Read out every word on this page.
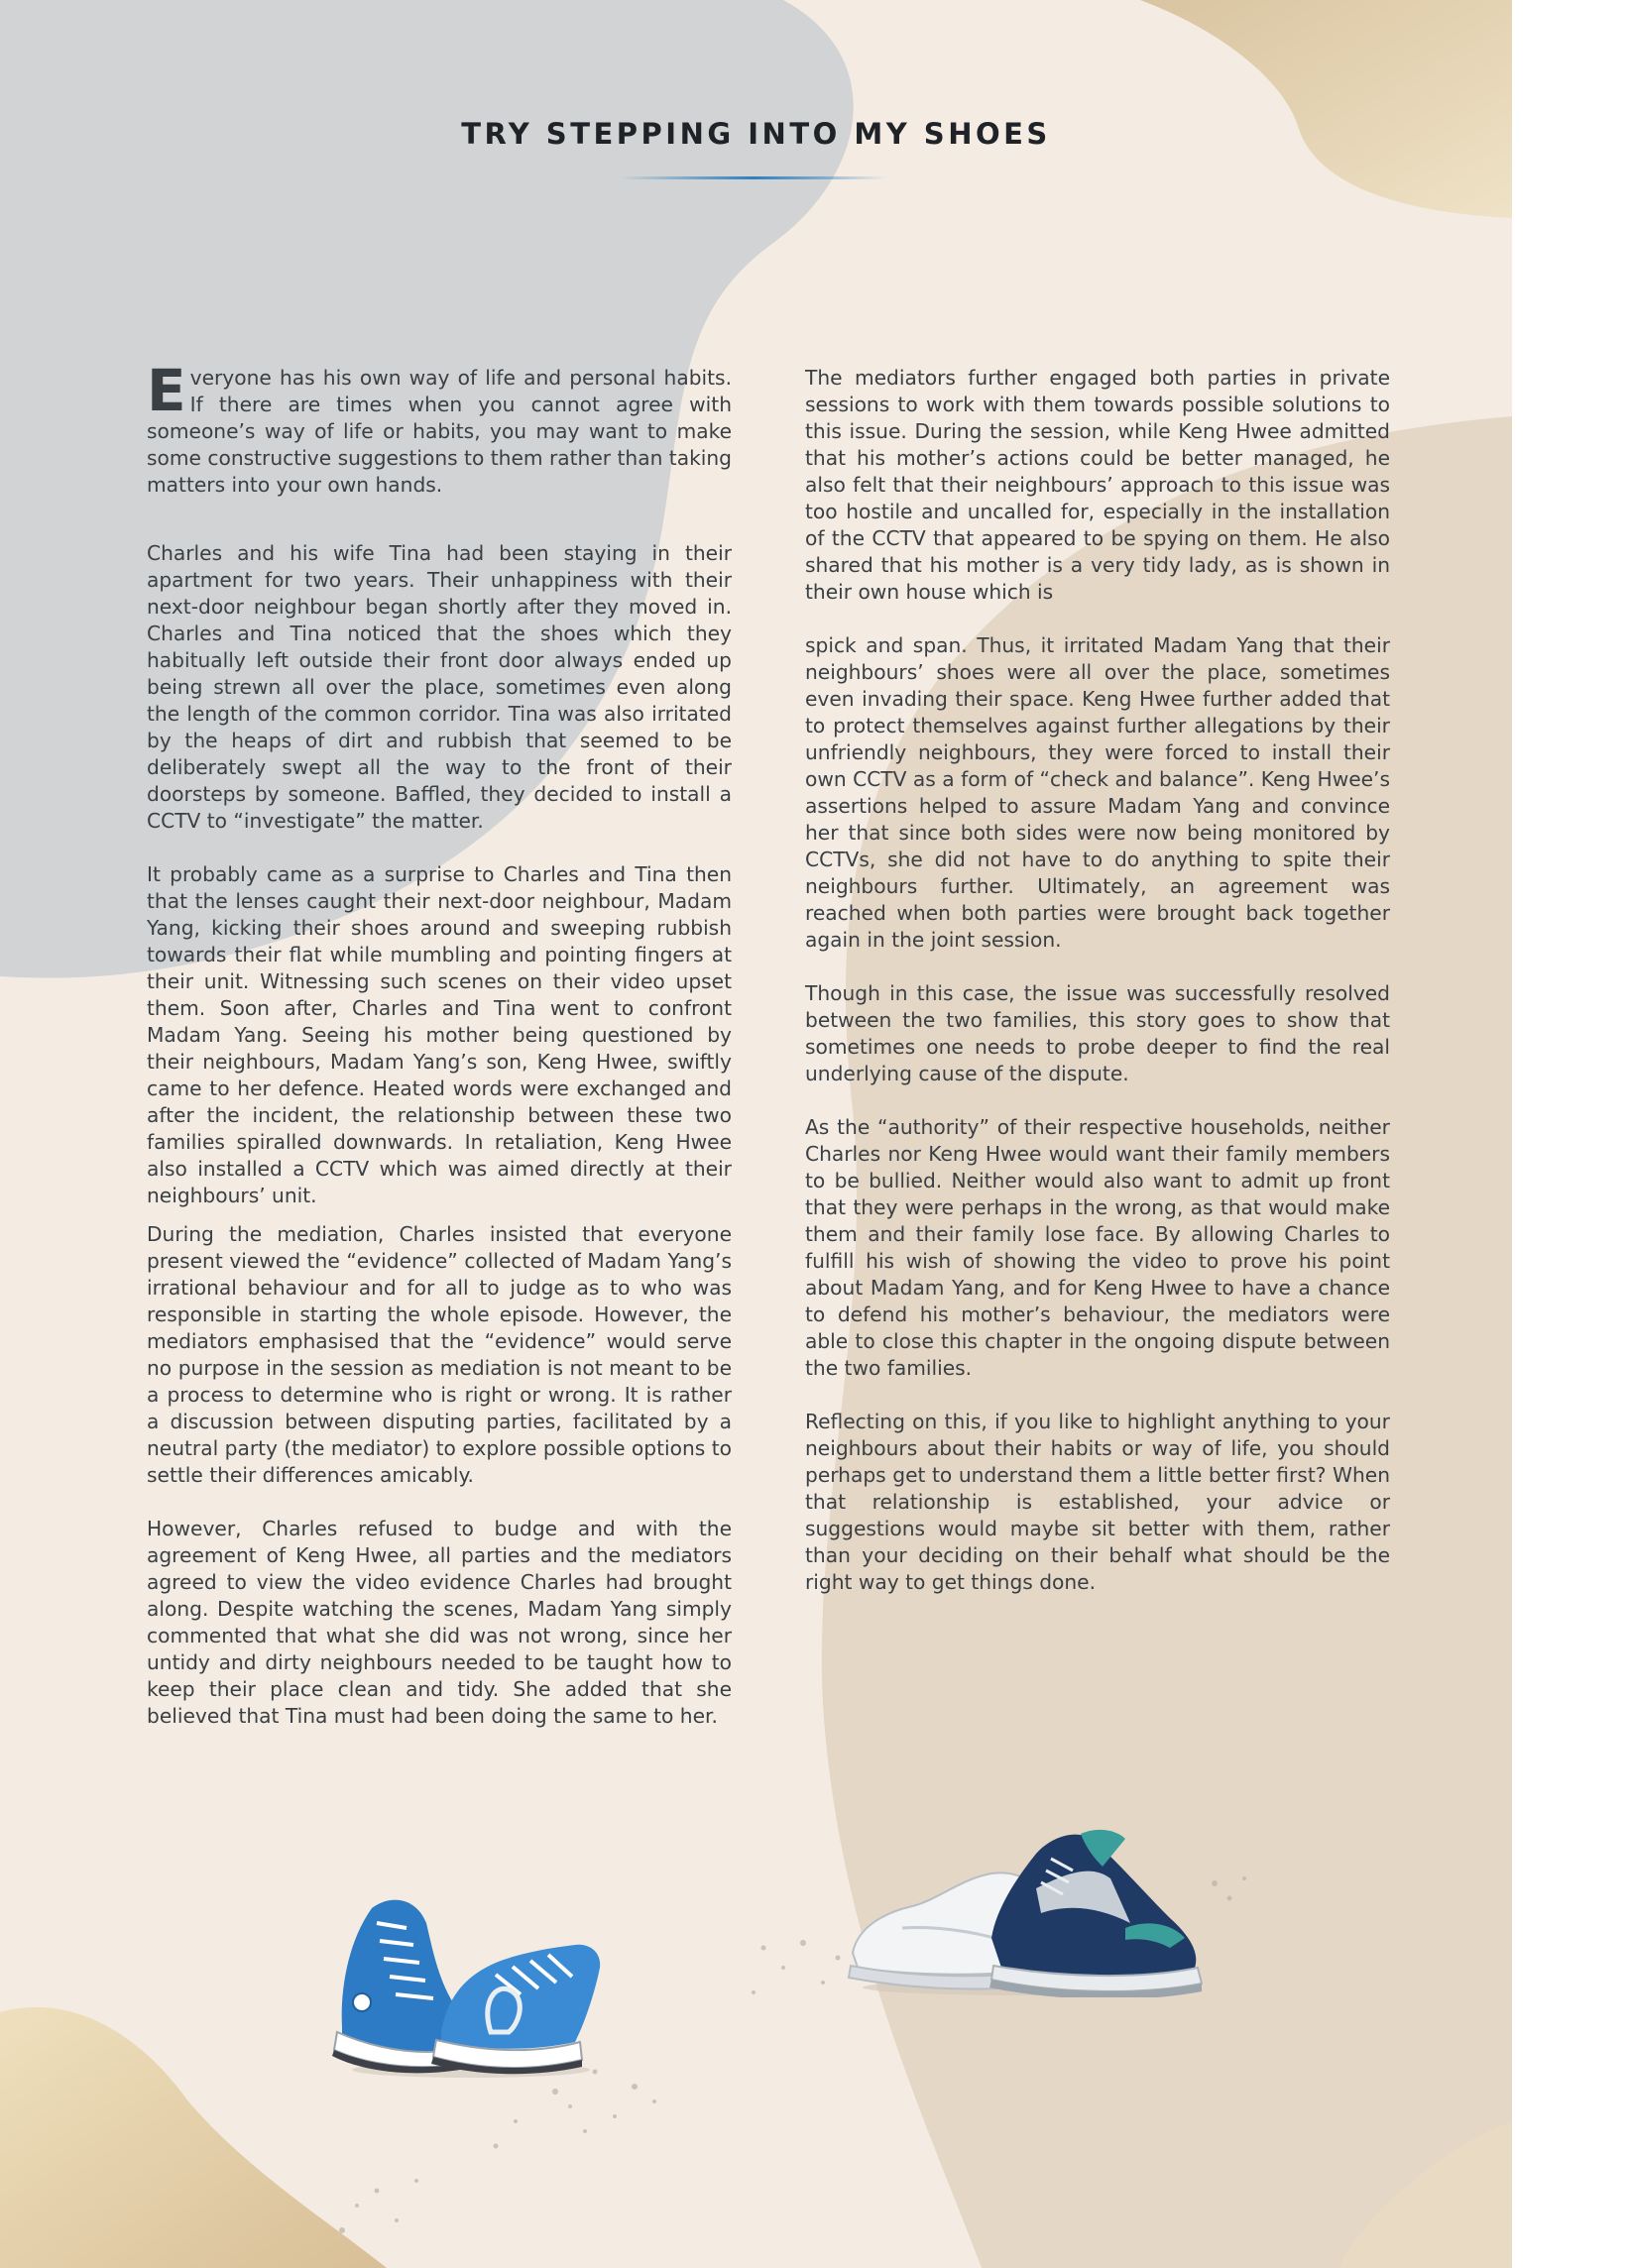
TRY STEPPING INTO MY SHOES

Everyone has his own way of life and personal habits. If there are times when you cannot agree with someone’s way of life or habits, you may want to make some constructive suggestions to them rather than taking matters into your own hands.

Charles and his wife Tina had been staying in their apartment for two years. Their unhappiness with their next-door neighbour began shortly after they moved in. Charles and Tina noticed that the shoes which they habitually left outside their front door always ended up being strewn all over the place, sometimes even along the length of the common corridor. Tina was also irritated by the heaps of dirt and rubbish that seemed to be deliberately swept all the way to the front of their doorsteps by someone. Baffled, they decided to install a CCTV to “investigate” the matter.

It probably came as a surprise to Charles and Tina then that the lenses caught their next-door neighbour, Madam Yang, kicking their shoes around and sweeping rubbish towards their flat while mumbling and pointing fingers at their unit. Witnessing such scenes on their video upset them. Soon after, Charles and Tina went to confront Madam Yang. Seeing his mother being questioned by their neighbours, Madam Yang’s son, Keng Hwee, swiftly came to her defence. Heated words were exchanged and after the incident, the relationship between these two families spiralled downwards. In retaliation, Keng Hwee also installed a CCTV which was aimed directly at their neighbours’ unit.

During the mediation, Charles insisted that everyone present viewed the “evidence” collected of Madam Yang’s irrational behaviour and for all to judge as to who was responsible in starting the whole episode. However, the mediators emphasised that the “evidence” would serve no purpose in the session as mediation is not meant to be a process to determine who is right or wrong. It is rather a discussion between disputing parties, facilitated by a neutral party (the mediator) to explore possible options to settle their differences amicably.

However, Charles refused to budge and with the agreement of Keng Hwee, all parties and the mediators agreed to view the video evidence Charles had brought along. Despite watching the scenes, Madam Yang simply commented that what she did was not wrong, since her untidy and dirty neighbours needed to be taught how to keep their place clean and tidy. She added that she believed that Tina must had been doing the same to her.

The mediators further engaged both parties in private sessions to work with them towards possible solutions to this issue. During the session, while Keng Hwee admitted that his mother’s actions could be better managed, he also felt that their neighbours’ approach to this issue was too hostile and uncalled for, especially in the installation of the CCTV that appeared to be spying on them. He also shared that his mother is a very tidy lady, as is shown in their own house which is

spick and span. Thus, it irritated Madam Yang that their neighbours’ shoes were all over the place, sometimes even invading their space. Keng Hwee further added that to protect themselves against further allegations by their unfriendly neighbours, they were forced to install their own CCTV as a form of “check and balance”. Keng Hwee’s assertions helped to assure Madam Yang and convince her that since both sides were now being monitored by CCTVs, she did not have to do anything to spite their neighbours further. Ultimately, an agreement was reached when both parties were brought back together again in the joint session.

Though in this case, the issue was successfully resolved between the two families, this story goes to show that sometimes one needs to probe deeper to find the real underlying cause of the dispute.

As the “authority” of their respective households, neither Charles nor Keng Hwee would want their family members to be bullied. Neither would also want to admit up front that they were perhaps in the wrong, as that would make them and their family lose face. By allowing Charles to fulfill his wish of showing the video to prove his point about Madam Yang, and for Keng Hwee to have a chance to defend his mother’s behaviour, the mediators were able to close this chapter in the ongoing dispute between the two families.

Reflecting on this, if you like to highlight anything to your neighbours about their habits or way of life, you should perhaps get to understand them a little better first? When that relationship is established, your advice or suggestions would maybe sit better with them, rather than your deciding on their behalf what should be the right way to get things done.
